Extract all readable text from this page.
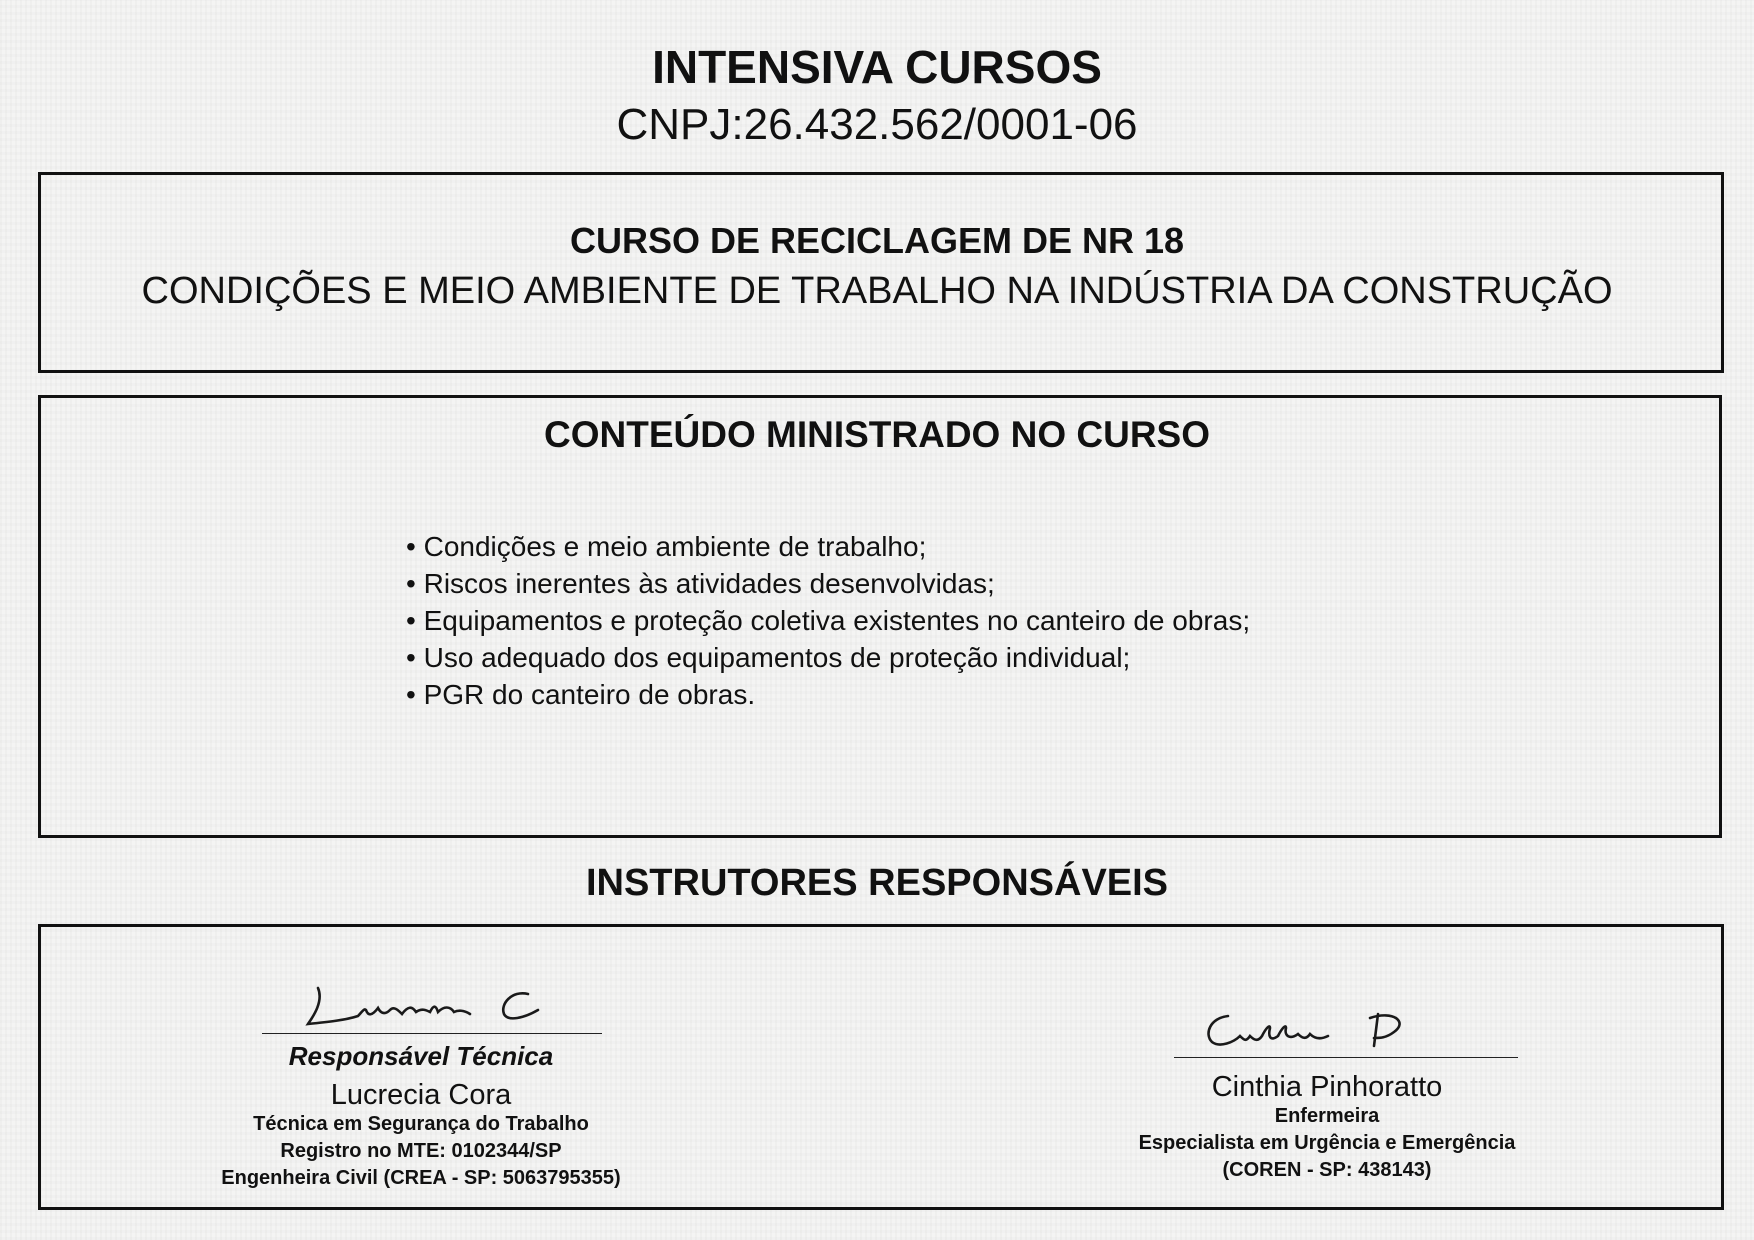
INTENSIVA CURSOS
CNPJ:26.432.562/0001-06
CURSO DE RECICLAGEM DE NR 18
CONDIÇÕES E MEIO AMBIENTE DE TRABALHO NA INDÚSTRIA DA CONSTRUÇÃO
CONTEÚDO MINISTRADO NO CURSO
• Condições e meio ambiente de trabalho;
• Riscos inerentes às atividades desenvolvidas;
• Equipamentos e proteção coletiva existentes no canteiro de obras;
• Uso adequado dos equipamentos de proteção individual;
• PGR do canteiro de obras.
INSTRUTORES RESPONSÁVEIS
Responsável Técnica
Lucrecia Cora
Técnica em Segurança do Trabalho
Registro no MTE: 0102344/SP
Engenheira Civil (CREA - SP: 5063795355)
Cinthia Pinhoratto
Enfermeira
Especialista em Urgência e Emergência
(COREN - SP: 438143)
